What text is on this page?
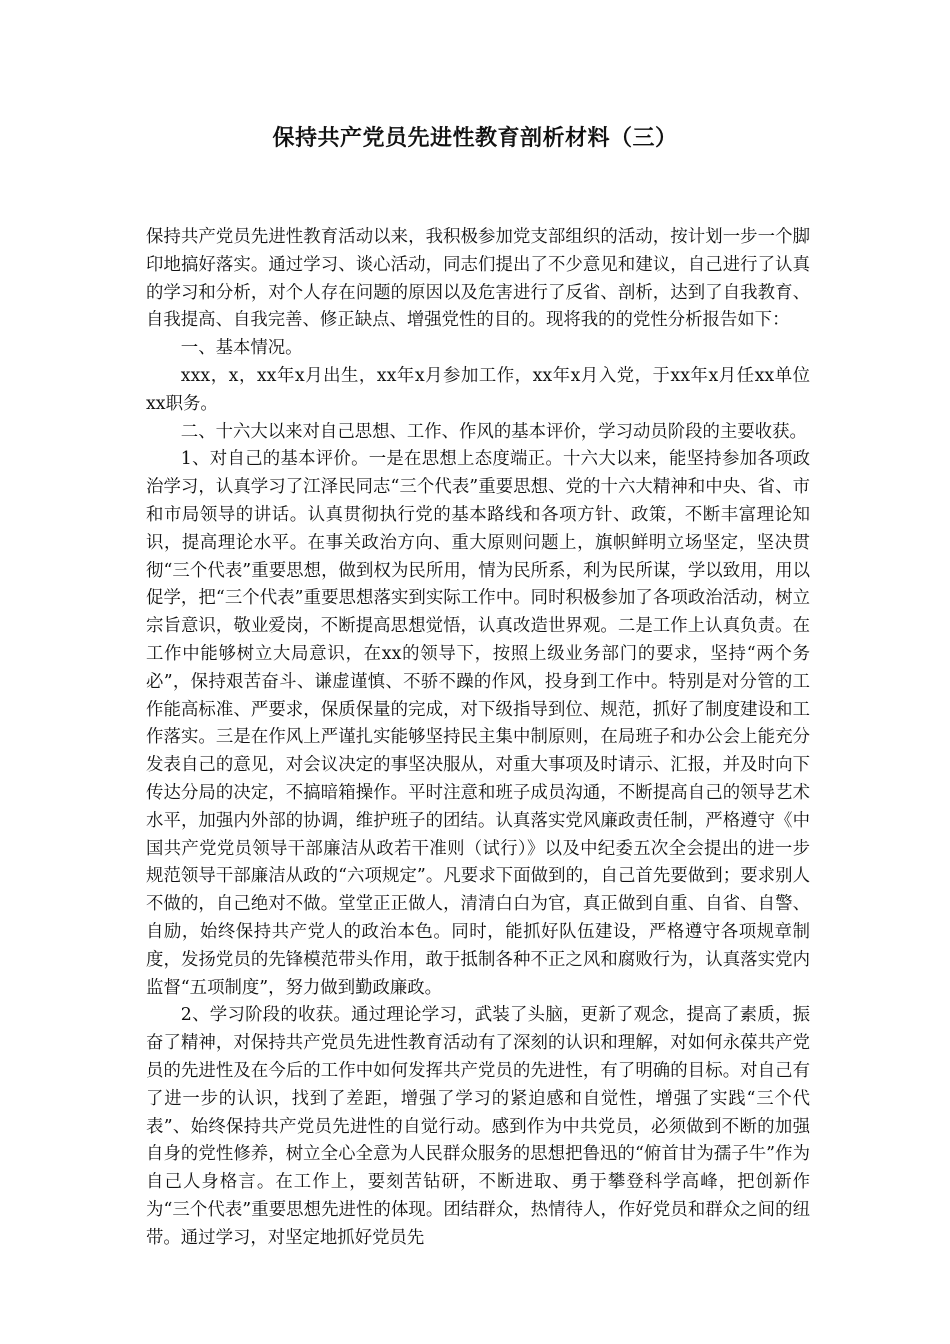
保持共产党员先进性教育剖析材料（三）

保持共产党员先进性教育活动以来，我积极参加党支部组织的活动，按计划一步一个脚印地搞好落实。通过学习、谈心活动，同志们提出了不少意见和建议，自己进行了认真的学习和分析，对个人存在问题的原因以及危害进行了反省、剖析，达到了自我教育、自我提高、自我完善、修正缺点、增强党性的目的。现将我的的党性分析报告如下：

一、基本情况。

xxx，x，xx年x月出生，xx年x月参加工作，xx年x月入党，于xx年x月任xx单位xx职务。

二、十六大以来对自己思想、工作、作风的基本评价，学习动员阶段的主要收获。

1、对自己的基本评价。一是在思想上态度端正。十六大以来，能坚持参加各项政治学习，认真学习了江泽民同志“三个代表”重要思想、党的十六大精神和中央、省、市和市局领导的讲话。认真贯彻执行党的基本路线和各项方针、政策，不断丰富理论知识，提高理论水平。在事关政治方向、重大原则问题上，旗帜鲜明立场坚定，坚决贯彻“三个代表”重要思想，做到权为民所用，情为民所系，利为民所谋，学以致用，用以促学，把“三个代表”重要思想落实到实际工作中。同时积极参加了各项政治活动，树立宗旨意识，敬业爱岗，不断提高思想觉悟，认真改造世界观。二是工作上认真负责。在工作中能够树立大局意识，在xx的领导下，按照上级业务部门的要求，坚持“两个务必”，保持艰苦奋斗、谦虚谨慎、不骄不躁的作风，投身到工作中。特别是对分管的工作能高标准、严要求，保质保量的完成，对下级指导到位、规范，抓好了制度建设和工作落实。三是在作风上严谨扎实能够坚持民主集中制原则，在局班子和办公会上能充分发表自己的意见，对会议决定的事坚决服从，对重大事项及时请示、汇报，并及时向下传达分局的决定，不搞暗箱操作。平时注意和班子成员沟通，不断提高自己的领导艺术水平，加强内外部的协调，维护班子的团结。认真落实党风廉政责任制，严格遵守《中国共产党党员领导干部廉洁从政若干准则（试行）》以及中纪委五次全会提出的进一步规范领导干部廉洁从政的“六项规定”。凡要求下面做到的，自己首先要做到；要求别人不做的，自己绝对不做。堂堂正正做人，清清白白为官，真正做到自重、自省、自警、自励，始终保持共产党人的政治本色。同时，能抓好队伍建设，严格遵守各项规章制度，发扬党员的先锋模范带头作用，敢于抵制各种不正之风和腐败行为，认真落实党内监督“五项制度”，努力做到勤政廉政。

2、学习阶段的收获。通过理论学习，武装了头脑，更新了观念，提高了素质，振奋了精神，对保持共产党员先进性教育活动有了深刻的认识和理解，对如何永葆共产党员的先进性及在今后的工作中如何发挥共产党员的先进性，有了明确的目标。对自己有了进一步的认识，找到了差距，增强了学习的紧迫感和自觉性，增强了实践“三个代表”、始终保持共产党员先进性的自觉行动。感到作为中共党员，必须做到不断的加强自身的党性修养，树立全心全意为人民群众服务的思想把鲁迅的“俯首甘为孺子牛”作为自己人身格言。在工作上，要刻苦钻研，不断进取、勇于攀登科学高峰，把创新作为“三个代表”重要思想先进性的体现。团结群众，热情待人，作好党员和群众之间的纽带。通过学习，对坚定地抓好党员先
